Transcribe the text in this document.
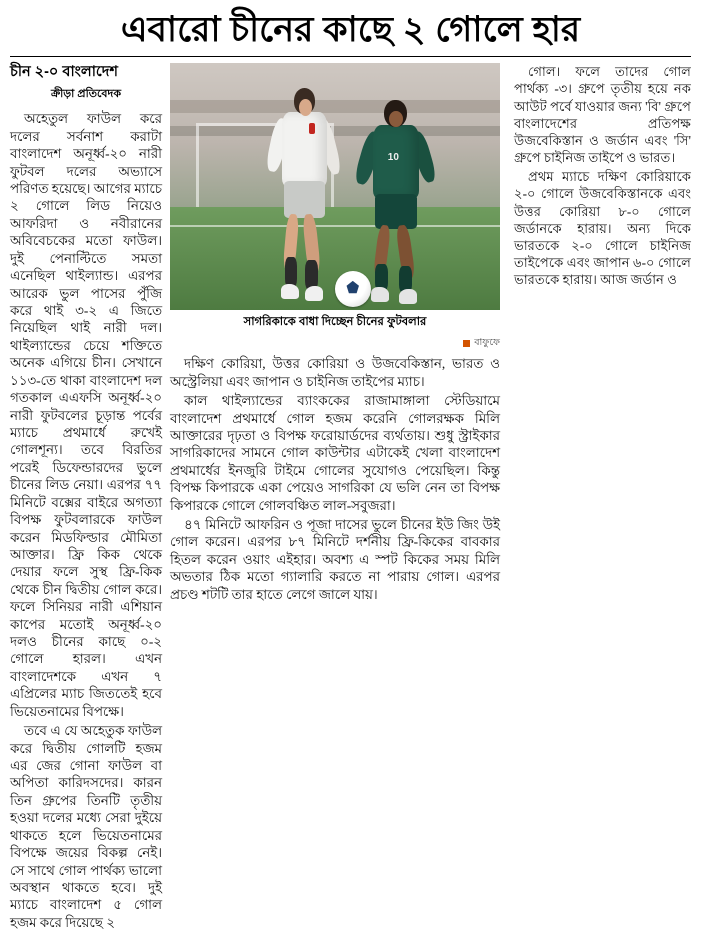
এবারো চীনের কাছে ২ গোলে হার
চীন ২-০ বাংলাদেশ
ক্রীড়া প্রতিবেদক

অহেতুল ফাউল করে দলের সর্বনাশ করাটা বাংলাদেশ অনূর্ধ্ব-২০ নারী ফুটবল দলের অভ্যাসে পরিণত হয়েছে। আগের ম্যাচে ২ গোলে লিড নিয়েও আফরিদা ও নবীরানের অবিবেচকের মতো ফাউল। দুই পেনাল্টিতে সমতা এনেছিল থাইল্যান্ড। এরপর আরেক ভুল পাসের পুঁজি করে থাই ৩-২ এ জিতে নিয়েছিল থাই নারী দল। থাইল্যান্ডের চেয়ে শক্তিতে অনেক এগিয়ে চীন। সেখানে ১১৩-তে থাকা বাংলাদেশ দল গতকাল এএফসি অনূর্ধ্ব-২০ নারী ফুটবলের চূড়ান্ত পর্বের ম্যাচে প্রথমার্ধে রুখেই গোলশূন্য। তবে বিরতির পরেই ডিফেন্ডারদের ভুলে চীনের লিড নেয়া। এরপর ৭৭ মিনিটে বক্সের বাইরে অগত্যা বিপক্ষ ফুটবলারকে ফাউল করেন মিডফিল্ডার মৌমিতা আক্তার। ফ্রি কিক থেকে দেয়ার ফলে সুস্থ ফ্রি-কিক থেকে চীন দ্বিতীয় গোল করে। ফলে সিনিয়র নারী এশিয়ান কাপের মতোই অনূর্ধ্ব-২০ দলও চীনের কাছে ০-২ গোলে হারল। এখন বাংলাদেশকে এখন ৭ এপ্রিলের ম্যাচ জিততেই হবে ভিয়েতনামের বিপক্ষে।

তবে এ যে অহেতুক ফাউল করে দ্বিতীয় গোলটি হজম এর জের গোনা ফাউল বা অপিতা কারিদসদের। কারন তিন গ্রুপের তিনটি তৃতীয় হওয়া দলের মধ্যে সেরা দুইয়ে থাকতে হলে ভিয়েতনামের বিপক্ষে জয়ের বিকল্প নেই। সে সাথে গোল পার্থক্য ভালো অবস্থান থাকতে হবে। দুই ম্যাচে বাংলাদেশ ৫ গোল হজম করে দিয়েছে ২

10
সাগরিকাকে বাধা দিচ্ছেন চীনের ফুটবলার
বাফুফে

দক্ষিণ কোরিয়া, উত্তর কোরিয়া ও উজবেকিস্তান, ভারত ও অস্ট্রেলিয়া এবং জাপান ও চাইনিজ তাইপের ম্যাচ।

কাল থাইল্যান্ডের ব্যাংককের রাজামাঙ্গালা স্টেডিয়ামে বাংলাদেশ প্রথমার্ধে গোল হজম করেনি গোলরক্ষক মিলি আক্তারের দৃঢ়তা ও বিপক্ষ ফরোয়ার্ডদের ব্যর্থতায়। শুধু স্ট্রাইকার সাগরিকাদের সামনে গোল কাউন্টার এটাকেই খেলা বাংলাদেশ প্রথমার্ধের ইনজুরি টাইমে গোলের সুযোগও পেয়েছিল। কিন্তু বিপক্ষ কিপারকে একা পেয়েও সাগরিকা যে ভলি নেন তা বিপক্ষ কিপারকে গোলে গোলবঞ্চিত লাল-সবুজরা।

৪৭ মিনিটে আফরিন ও পূজা দাসের ভুলে চীনের ইউ জিং উই গোল করেন। এরপর ৮৭ মিনিটে দর্শনীয় ফ্রি-কিকের বাবকার হিতল করেন ওয়াং এইহার। অবশ্য এ স্পট কিকের সময় মিলি অভতার ঠিক মতো গ্যালারি করতে না পারায় গোল। এরপর প্রচণ্ড শটটি তার হাতে লেগে জালে যায়।

গোল। ফলে তাদের গোল পার্থক্য -৩। গ্রুপে তৃতীয় হয়ে নক আউট পর্বে যাওয়ার জন্য 'বি' গ্রুপে বাংলাদেশের প্রতিপক্ষ উজবেকিস্তান ও জর্ডান এবং 'সি' গ্রুপে চাইনিজ তাইপে ও ভারত।

প্রথম ম্যাচে দক্ষিণ কোরিয়াকে ২-০ গোলে উজবেকিস্তানকে এবং উত্তর কোরিয়া ৮-০ গোলে জর্ডানকে হারায়। অন্য দিকে ভারতকে ২-০ গোলে চাইনিজ তাইপেকে এবং জাপান ৬-০ গোলে ভারতকে হারায়। আজ জর্ডান ও
